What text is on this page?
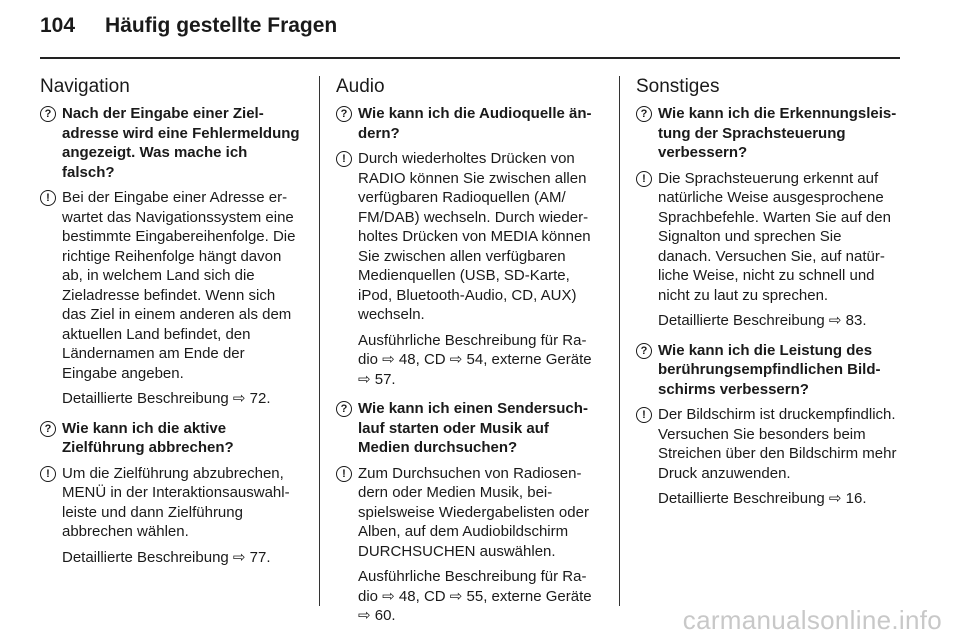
104 Häufig gestellte Fragen
Navigation
? Nach der Eingabe einer Zieladresse wird eine Fehlermeldung angezeigt. Was mache ich falsch?
! Bei der Eingabe einer Adresse erwartet das Navigationssystem eine bestimmte Eingabereihenfolge. Die richtige Reihenfolge hängt davon ab, in welchem Land sich die Zieladresse befindet. Wenn sich das Ziel in einem anderen als dem aktuellen Land befindet, den Ländernamen am Ende der Eingabe angeben.
Detaillierte Beschreibung ⇨ 72.
? Wie kann ich die aktive Zielführung abbrechen?
! Um die Zielführung abzubrechen, MENÜ in der Interaktionsauswahlleiste und dann Zielführung abbrechen wählen.
Detaillierte Beschreibung ⇨ 77.
Audio
? Wie kann ich die Audioquelle ändern?
! Durch wiederholtes Drücken von RADIO können Sie zwischen allen verfügbaren Radioquellen (AM/ FM/DAB) wechseln. Durch wiederholtes Drücken von MEDIA können Sie zwischen allen verfügbaren Medienquellen (USB, SD-Karte, iPod, Bluetooth-Audio, CD, AUX) wechseln.
Ausführliche Beschreibung für Radio ⇨ 48, CD ⇨ 54, externe Geräte ⇨ 57.
? Wie kann ich einen Sendersuchlauf starten oder Musik auf Medien durchsuchen?
! Zum Durchsuchen von Radiosendern oder Medien Musik, beispielsweise Wiedergabelisten oder Alben, auf dem Audiobildschirm DURCHSUCHEN auswählen.
Ausführliche Beschreibung für Radio ⇨ 48, CD ⇨ 55, externe Geräte ⇨ 60.
Sonstiges
? Wie kann ich die Erkennungsleistung der Sprachsteuerung verbessern?
! Die Sprachsteuerung erkennt auf natürliche Weise ausgesprochene Sprachbefehle. Warten Sie auf den Signalton und sprechen Sie danach. Versuchen Sie, auf natürliche Weise, nicht zu schnell und nicht zu laut zu sprechen.
Detaillierte Beschreibung ⇨ 83.
? Wie kann ich die Leistung des berührungsempfindlichen Bildschirms verbessern?
! Der Bildschirm ist druckempfindlich. Versuchen Sie besonders beim Streichen über den Bildschirm mehr Druck anzuwenden.
Detaillierte Beschreibung ⇨ 16.
carmanualsonline.info
